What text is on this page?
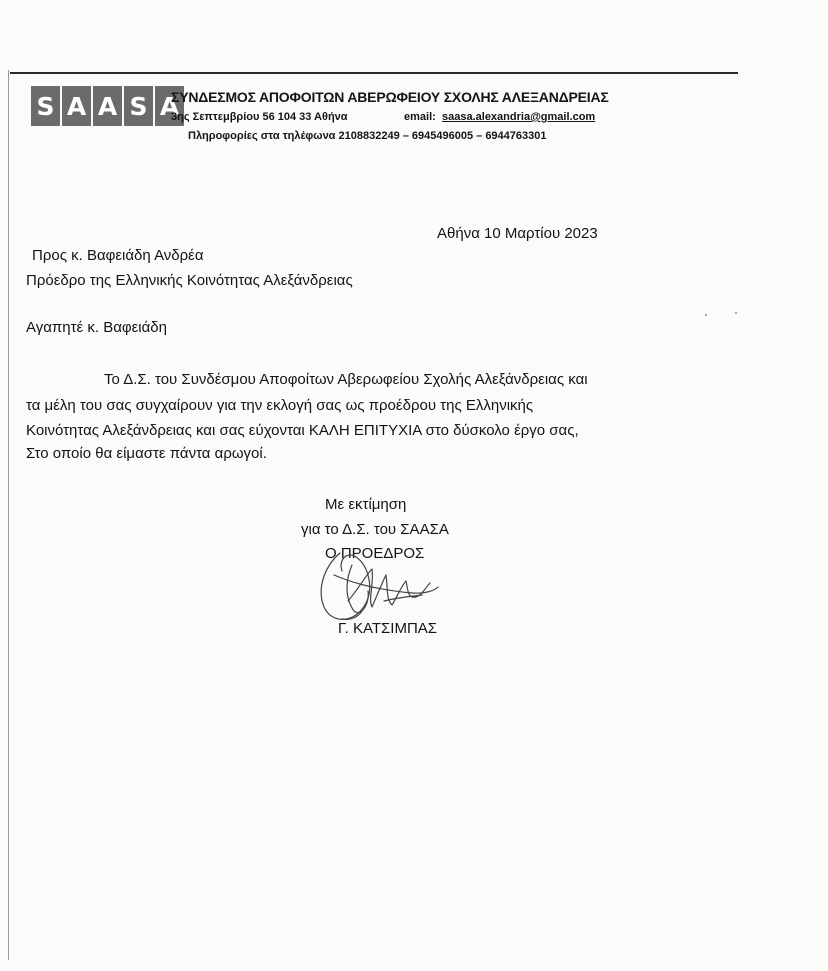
S A A S A
ΣΥΝΔΕΣΜΟΣ ΑΠΟΦΟΙΤΩΝ ΑΒΕΡΩΦΕΙΟΥ ΣΧΟΛΗΣ ΑΛΕΞΑΝΔΡΕΙΑΣ
3ης Σεπτεμβρίου 56 104 33 Αθήνα	email: saasa.alexandria@gmail.com
Πληροφορίες στα τηλέφωνα 2108832249 – 6945496005 – 6944763301
Αθήνα 10 Μαρτίου 2023
Προς κ. Βαφειάδη Ανδρέα
Πρόεδρο της Ελληνικής Κοινότητας Αλεξάνδρειας
Αγαπητέ κ. Βαφειάδη
Το Δ.Σ. του Συνδέσμου Αποφοίτων Αβερωφείου Σχολής Αλεξάνδρειας και
τα μέλη του σας συγχαίρουν για την εκλογή σας ως προέδρου της Ελληνικής
Κοινότητας Αλεξάνδρειας και σας εύχονται ΚΑΛΗ ΕΠΙΤΥΧΙΑ στο δύσκολο έργο σας,
Στο οποίο θα είμαστε πάντα αρωγοί.
Με εκτίμηση
για το Δ.Σ. του ΣΑΑΣΑ
Ο ΠΡΟΕΔΡΟΣ
Γ. ΚΑΤΣΙΜΠΑΣ
